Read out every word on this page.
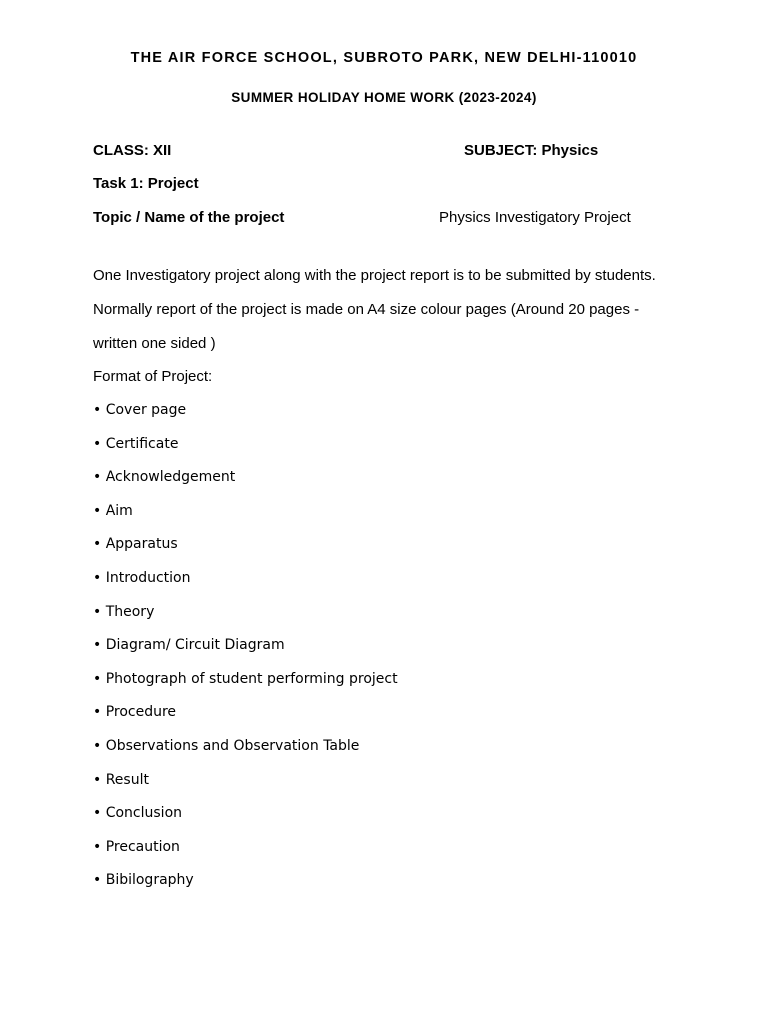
THE AIR FORCE SCHOOL, SUBROTO PARK, NEW DELHI-110010
SUMMER HOLIDAY HOME WORK (2023-2024)
CLASS: XII	SUBJECT: Physics
Task 1: Project
Topic / Name of the project	Physics Investigatory Project
One Investigatory project along with the project report is to be submitted by students.
Normally report of the project is made on A4 size colour pages (Around 20 pages -
written one sided )
Format of Project:
• Cover page
• Certificate
• Acknowledgement
• Aim
• Apparatus
• Introduction
• Theory
• Diagram/ Circuit Diagram
• Photograph of student performing project
• Procedure
• Observations and Observation Table
• Result
• Conclusion
• Precaution
• Bibilography
